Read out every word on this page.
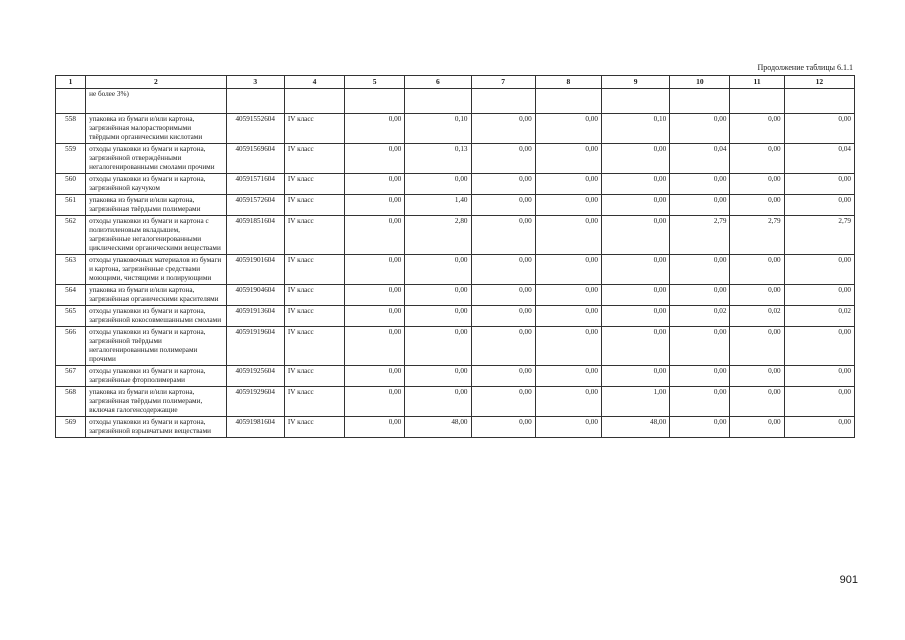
Продолжение таблицы 6.1.1
1	2	3	4	5	6	7	8	9	10	11	12
	не более 3%)										
558	упаковка из бумаги и/или картона, загрязнённая малорастворимыми твёрдыми органическими кислотами	40591552604	IV класс	0,00	0,10	0,00	0,00	0,10	0,00	0,00	0,00
559	отходы упаковки из бумаги и картона, загрязнённой отверждёнными негалогенированными смолами прочими	40591569604	IV класс	0,00	0,13	0,00	0,00	0,00	0,04	0,00	0,04
560	отходы упаковки из бумаги и картона, загрязнённой каучуком	40591571604	IV класс	0,00	0,00	0,00	0,00	0,00	0,00	0,00	0,00
561	упаковка из бумаги и/или картона, загрязнённая твёрдыми полимерами	40591572604	IV класс	0,00	1,40	0,00	0,00	0,00	0,00	0,00	0,00
562	отходы упаковки из бумаги и картона с полиэтиленовым вкладышем, загрязнённые негалогенированными циклическими органическими веществами	40591851604	IV класс	0,00	2,80	0,00	0,00	0,00	2,79	2,79	2,79
563	отходы упаковочных материалов из бумаги и картона, загрязнённые средствами моющими, чистящими и полирующими	40591901604	IV класс	0,00	0,00	0,00	0,00	0,00	0,00	0,00	0,00
564	упаковка из бумаги и/или картона, загрязнённая органическими красителями	40591904604	IV класс	0,00	0,00	0,00	0,00	0,00	0,00	0,00	0,00
565	отходы упаковки из бумаги и картона, загрязнённой кокосовмешанными смолами	40591913604	IV класс	0,00	0,00	0,00	0,00	0,00	0,02	0,02	0,02
566	отходы упаковки из бумаги и картона, загрязнённой твёрдыми негалогенированными полимерами прочими	40591919604	IV класс	0,00	0,00	0,00	0,00	0,00	0,00	0,00	0,00
567	отходы упаковки из бумаги и картона, загрязнённые фторполимерами	40591925604	IV класс	0,00	0,00	0,00	0,00	0,00	0,00	0,00	0,00
568	упаковка из бумаги и/или картона, загрязнённая твёрдыми полимерами, включая галогенсодержащие	40591929604	IV класс	0,00	0,00	0,00	0,00	1,00	0,00	0,00	0,00
569	отходы упаковки из бумаги и картона, загрязнённой взрывчатыми веществами	40591981604	IV класс	0,00	48,00	0,00	0,00	48,00	0,00	0,00	0,00
901
